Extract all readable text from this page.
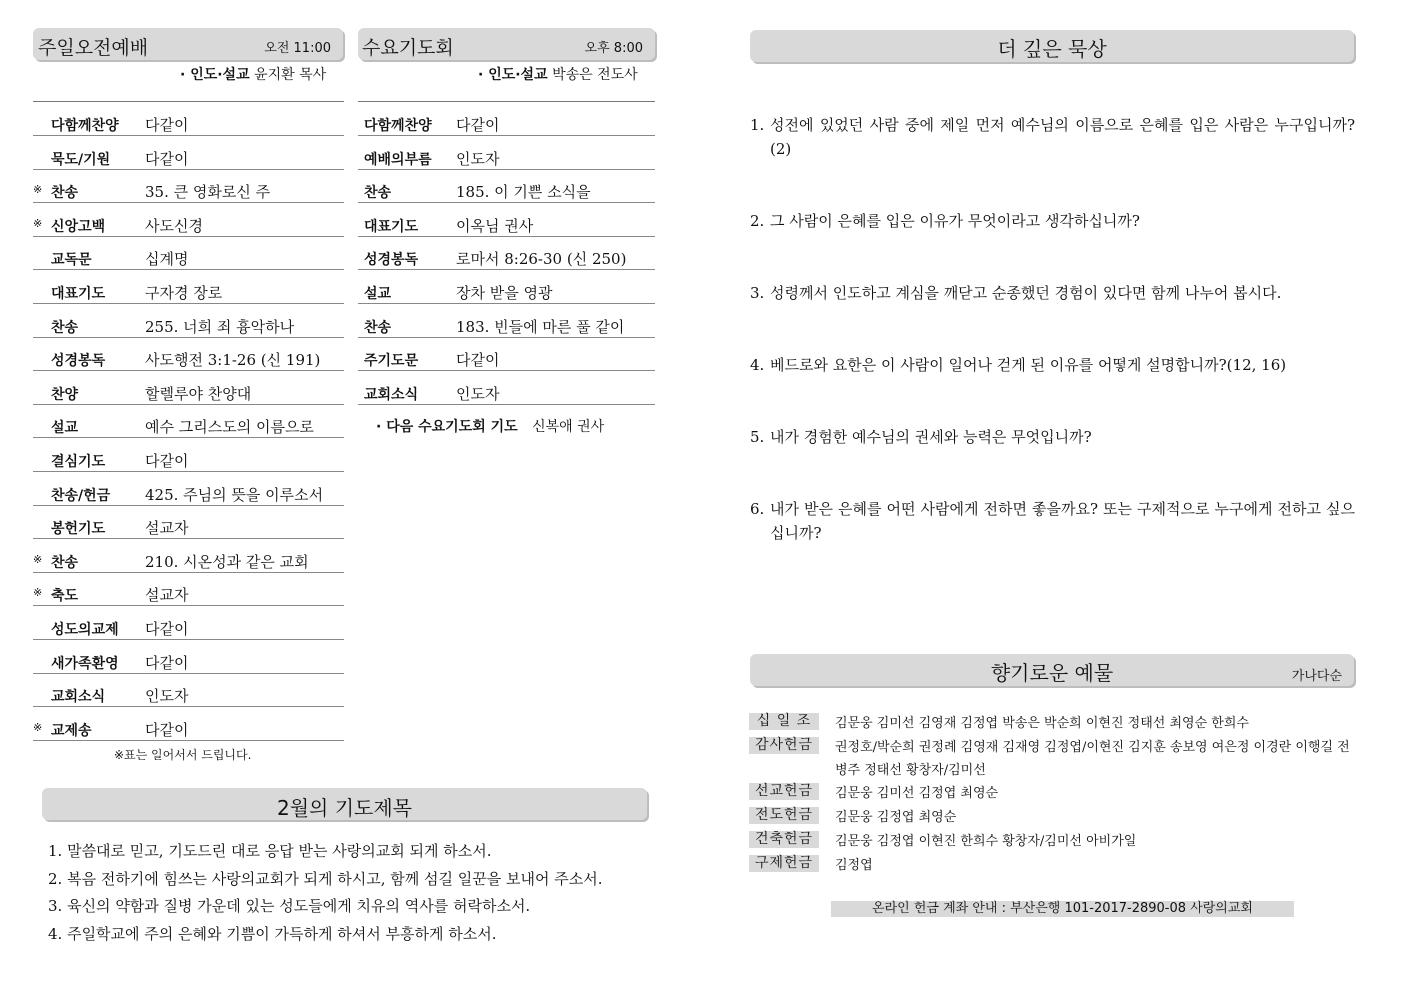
주일오전예배	오전 11:00
· 인도·설교 윤지환 목사
다함께찬양	다같이
묵도/기원	다같이
※ 찬송	35. 큰 영화로신 주
※ 신앙고백	사도신경
교독문	십계명
대표기도	구자경 장로
찬송	255. 너희 죄 흉악하나
성경봉독	사도행전 3:1-26 (신 191)
찬양	할렐루야 찬양대
설교	예수 그리스도의 이름으로
결심기도	다같이
찬송/헌금	425. 주님의 뜻을 이루소서
봉헌기도	설교자
※ 찬송	210. 시온성과 같은 교회
※ 축도	설교자
성도의교제	다같이
새가족환영	다같이
교회소식	인도자
※ 교제송	다같이
※표는 일어서서 드립니다.
수요기도회	오후 8:00
· 인도·설교 박송은 전도사
다함께찬양 다같이
예배의부름 인도자
찬송	185. 이 기쁜 소식을
대표기도	이옥님 권사
성경봉독	로마서 8:26-30 (신 250)
설교	장차 받을 영광
찬송	183. 빈들에 마른 풀 같이
주기도문	다같이
교회소식	인도자
· 다음 수요기도회 기도 신복애 권사
2월의 기도제목
1. 말씀대로 믿고, 기도드린 대로 응답 받는 사랑의교회 되게 하소서.
2. 복음 전하기에 힘쓰는 사랑의교회가 되게 하시고, 함께 섬길 일꾼을 보내어 주소서.
3. 육신의 약함과 질병 가운데 있는 성도들에게 치유의 역사를 허락하소서.
4. 주일학교에 주의 은혜와 기쁨이 가득하게 하셔서 부흥하게 하소서.
더 깊은 묵상
1. 성전에 있었던 사람 중에 제일 먼저 예수님의 이름으로 은혜를 입은 사람은 누구입니까?(2)
2. 그 사람이 은혜를 입은 이유가 무엇이라고 생각하십니까?
3. 성령께서 인도하고 계심을 깨닫고 순종했던 경험이 있다면 함께 나누어 봅시다.
4. 베드로와 요한은 이 사람이 일어나 걷게 된 이유를 어떻게 설명합니까?(12, 16)
5. 내가 경험한 예수님의 권세와 능력은 무엇입니까?
6. 내가 받은 은혜를 어떤 사람에게 전하면 좋을까요? 또는 구제적으로 누구에게 전하고 싶으십니까?
향기로운 예물	가나다순
십 일 조	김문웅 김미선 김영재 김정엽 박송은 박순희 이현진 정태선 최영순 한희수
감사헌금	권정호/박순희 권정례 김영재 김재영 김정엽/이현진 김지훈 송보영 여은정 이경란 이행길 전병주 정태선 황창자/김미선
선교헌금	김문웅 김미선 김정엽 최영순
전도헌금	김문웅 김정엽 최영순
건축헌금	김문웅 김정엽 이현진 한희수 황창자/김미선 아비가일
구제헌금	김정엽
온라인 헌금 계좌 안내 : 부산은행 101-2017-2890-08 사랑의교회
